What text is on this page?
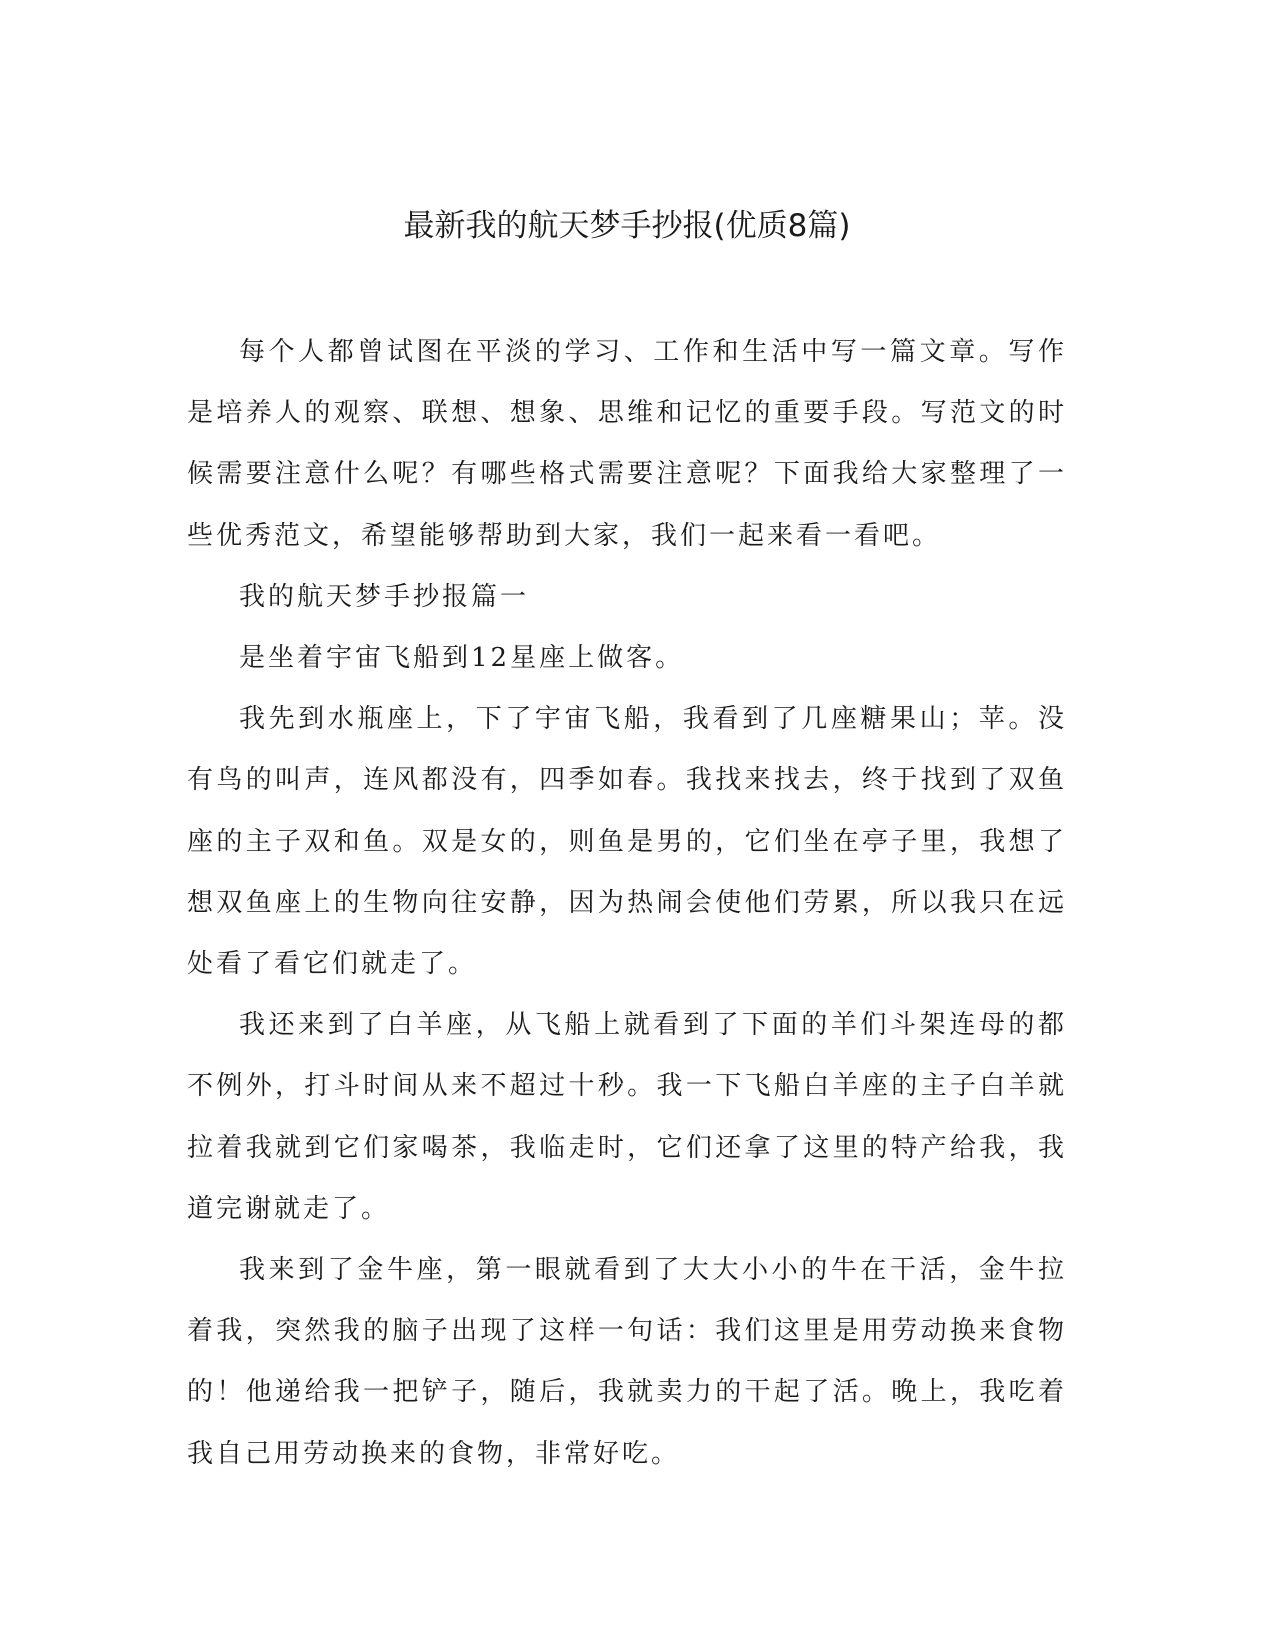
最新我的航天梦手抄报(优质8篇)

每个人都曾试图在平淡的学习、工作和生活中写一篇文章。写作是培养人的观察、联想、想象、思维和记忆的重要手段。写范文的时候需要注意什么呢？有哪些格式需要注意呢？下面我给大家整理了一些优秀范文，希望能够帮助到大家，我们一起来看一看吧。

我的航天梦手抄报篇一

是坐着宇宙飞船到12星座上做客。

我先到水瓶座上，下了宇宙飞船，我看到了几座糖果山；苹。没有鸟的叫声，连风都没有，四季如春。我找来找去，终于找到了双鱼座的主子双和鱼。双是女的，则鱼是男的，它们坐在亭子里，我想了想双鱼座上的生物向往安静，因为热闹会使他们劳累，所以我只在远处看了看它们就走了。

我还来到了白羊座，从飞船上就看到了下面的羊们斗架连母的都不例外，打斗时间从来不超过十秒。我一下飞船白羊座的主子白羊就拉着我就到它们家喝茶，我临走时，它们还拿了这里的特产给我，我道完谢就走了。

我来到了金牛座，第一眼就看到了大大小小的牛在干活，金牛拉着我，突然我的脑子出现了这样一句话：我们这里是用劳动换来食物的！他递给我一把铲子，随后，我就卖力的干起了活。晚上，我吃着我自己用劳动换来的食物，非常好吃。
